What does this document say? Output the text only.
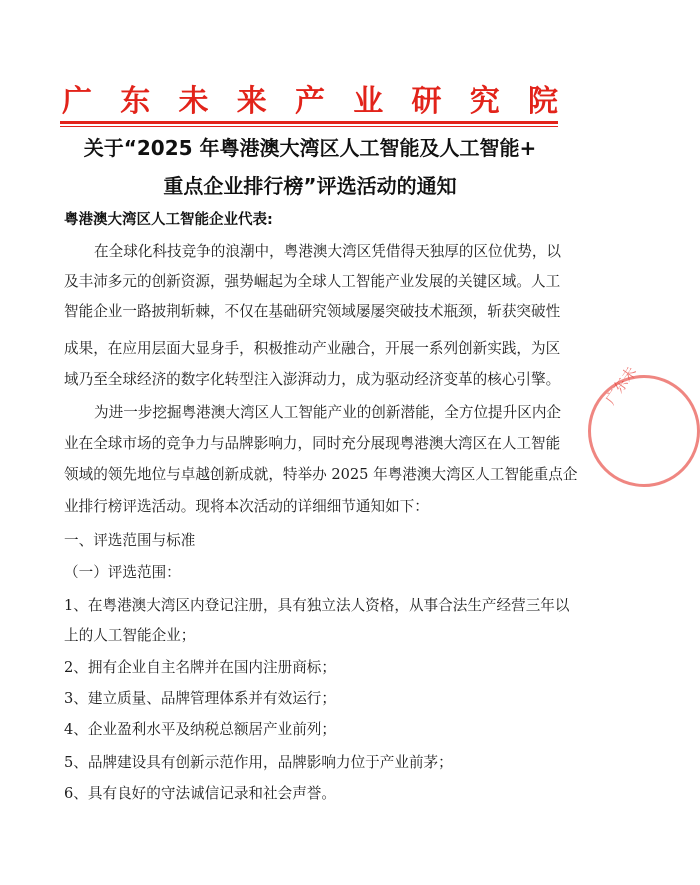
广 东 未 来 产 业 研 究 院
关于“2025 年粤港澳大湾区人工智能及人工智能+
重点企业排行榜”评选活动的通知
粤港澳大湾区人工智能企业代表:
在全球化科技竞争的浪潮中，粤港澳大湾区凭借得天独厚的区位优势，以
及丰沛多元的创新资源，强势崛起为全球人工智能产业发展的关键区域。人工
智能企业一路披荆斩棘，不仅在基础研究领域屡屡突破技术瓶颈，斩获突破性
成果，在应用层面大显身手，积极推动产业融合，开展一系列创新实践，为区
域乃至全球经济的数字化转型注入澎湃动力，成为驱动经济变革的核心引擎。
为进一步挖掘粤港澳大湾区人工智能产业的创新潜能，全方位提升区内企
业在全球市场的竞争力与品牌影响力，同时充分展现粤港澳大湾区在人工智能
领域的领先地位与卓越创新成就，特举办 2025 年粤港澳大湾区人工智能重点企
业排行榜评选活动。现将本次活动的详细细节通知如下：
一、评选范围与标准
（一）评选范围：
1、在粤港澳大湾区内登记注册，具有独立法人资格，从事合法生产经营三年以
上的人工智能企业；
2、拥有企业自主名牌并在国内注册商标；
3、建立质量、品牌管理体系并有效运行；
4、企业盈利水平及纳税总额居产业前列；
5、品牌建设具有创新示范作用，品牌影响力位于产业前茅；
6、具有良好的守法诚信记录和社会声誉。
广东未
